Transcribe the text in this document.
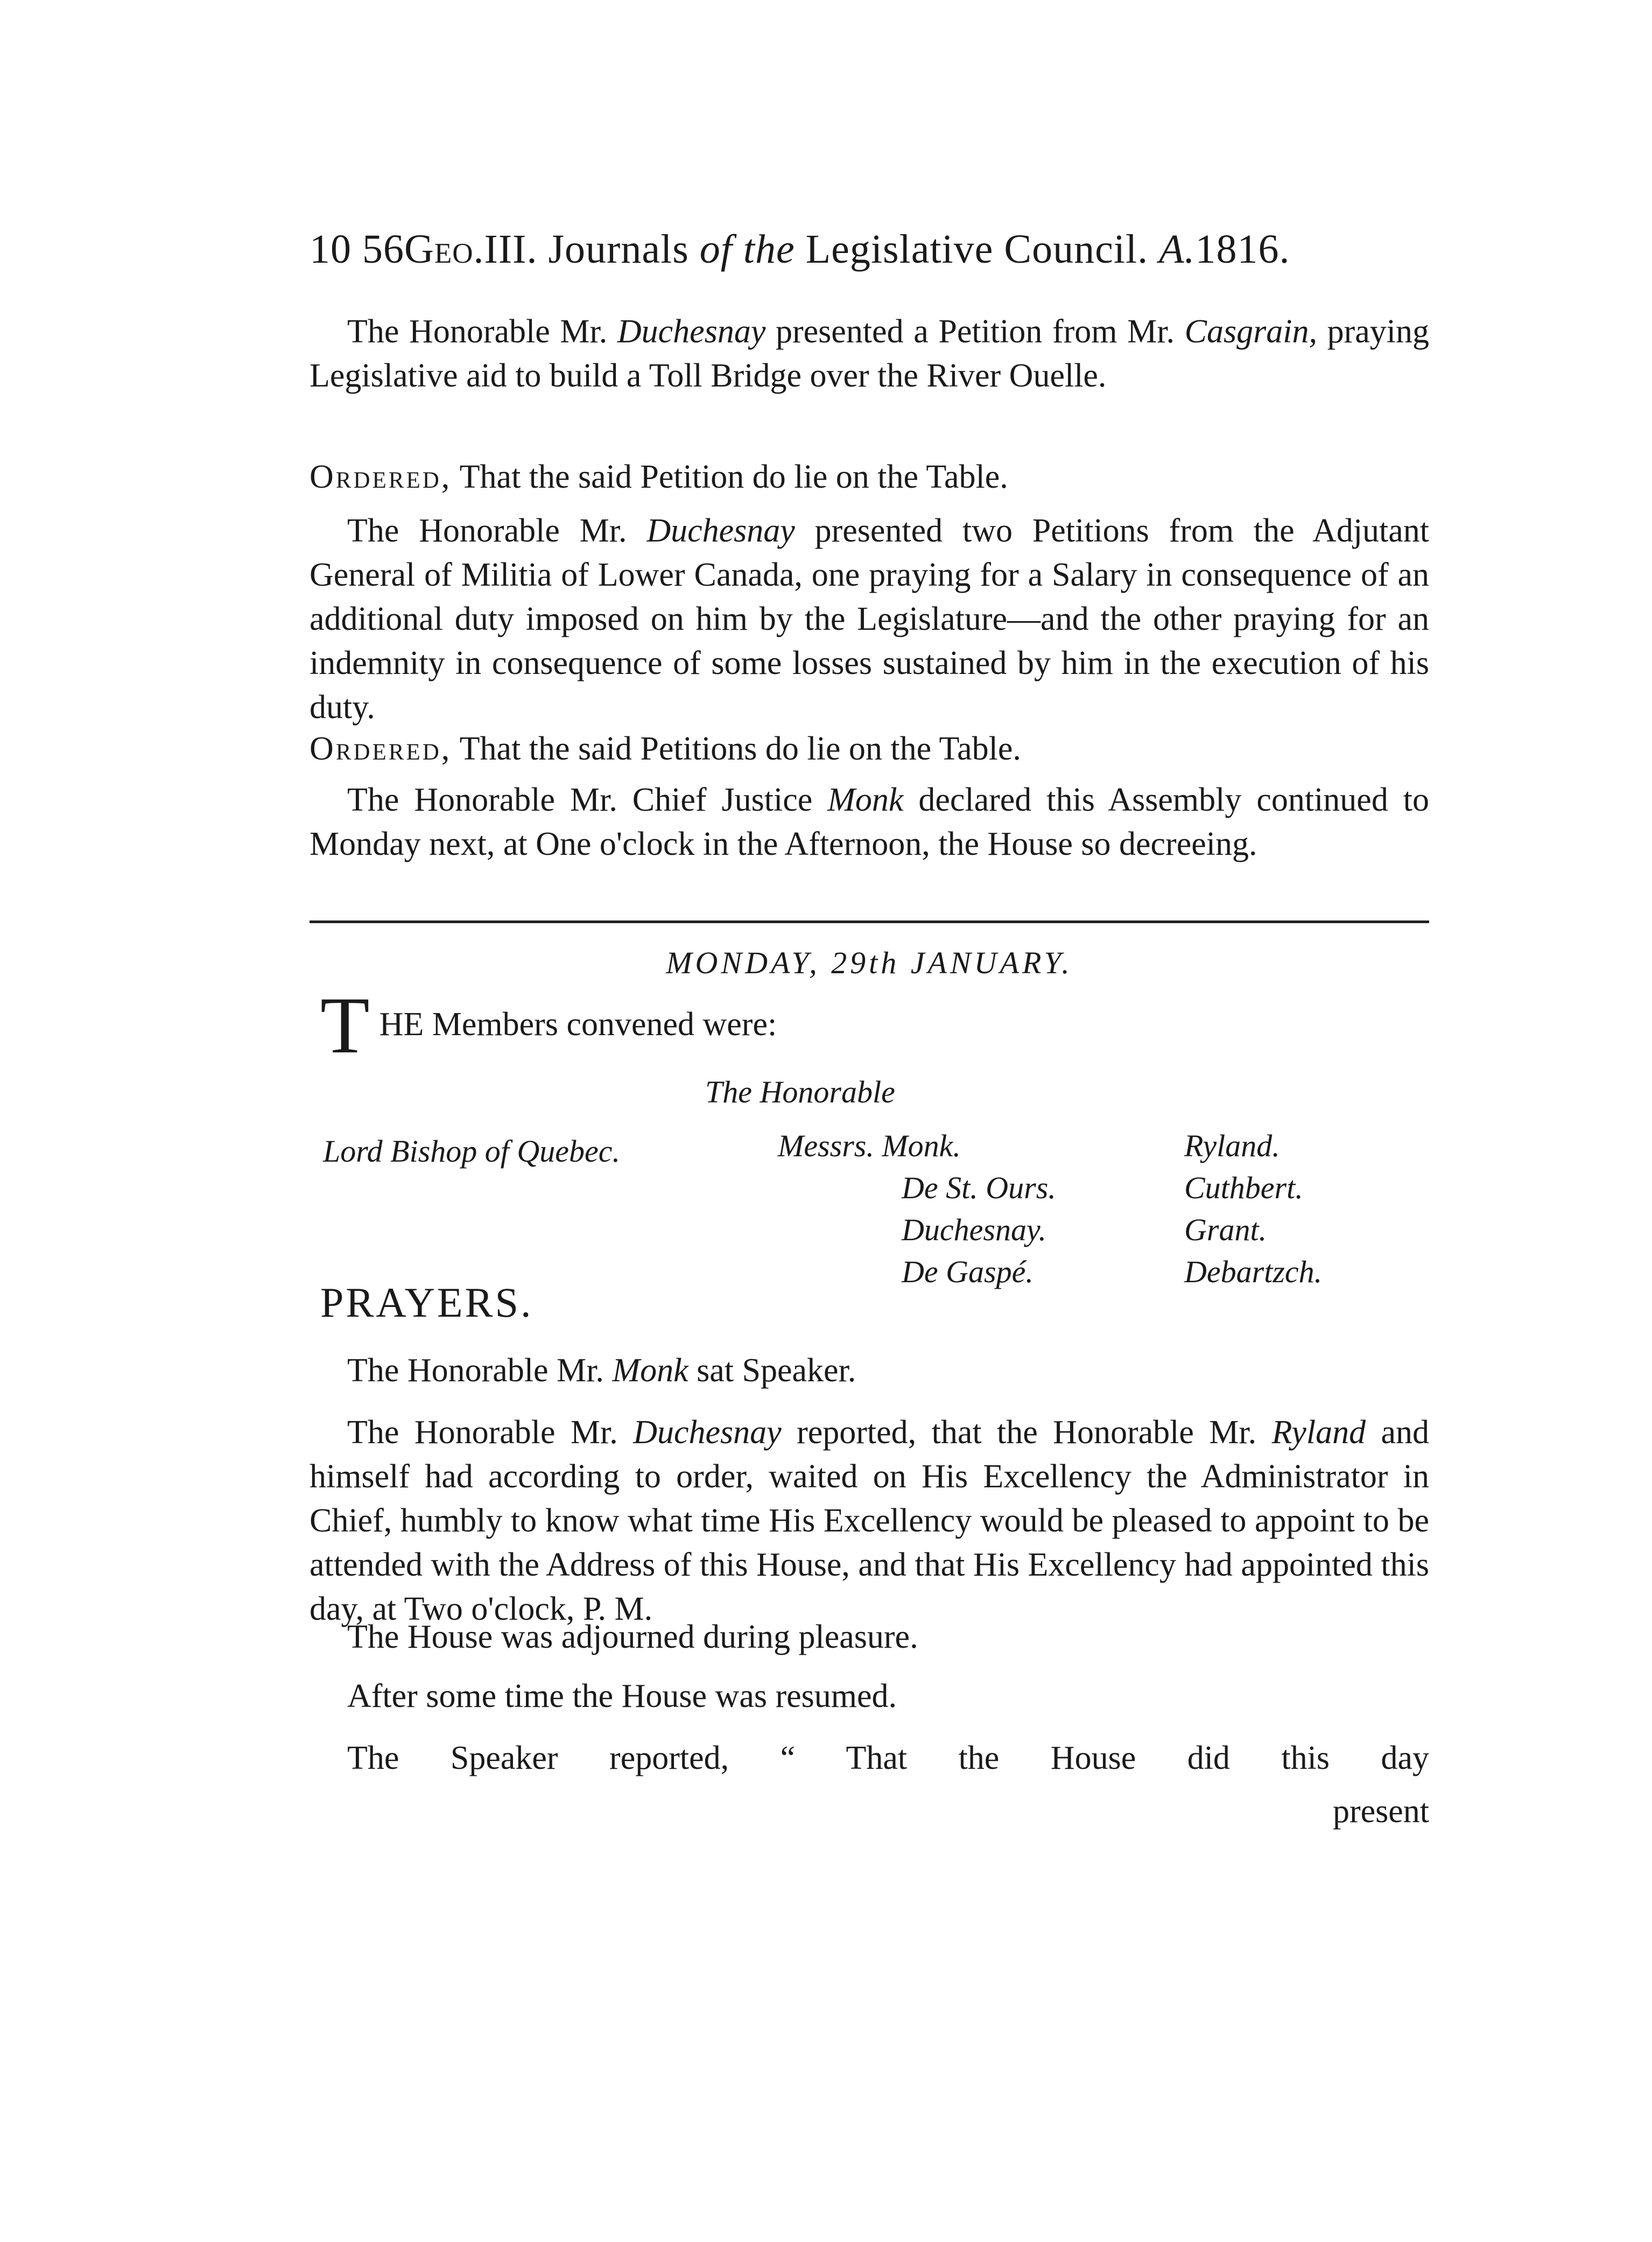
10 56Geo.III. Journals of the Legislative Council. A.1816.

The Honorable Mr. Duchesnay presented a Petition from Mr. Casgrain, praying Legislative aid to build a Toll Bridge over the River Ouelle.

Ordered, That the said Petition do lie on the Table.

The Honorable Mr. Duchesnay presented two Petitions from the Adjutant General of Militia of Lower Canada, one praying for a Salary in consequence of an additional duty imposed on him by the Legislature—and the other praying for an indemnity in consequence of some losses sustained by him in the execution of his duty.

Ordered, That the said Petitions do lie on the Table.

The Honorable Mr. Chief Justice Monk declared this Assembly continued to Monday next, at One o'clock in the Afternoon, the House so decreeing.

MONDAY, 29th JANUARY.
THE Members convened were:
The Honorable
Lord Bishop of Quebec.	Messrs. Monk.
De St. Ours.
Duchesnay.
De Gaspé.
Ryland.
Cuthbert.
Grant.
Debartzch.
PRAYERS.

The Honorable Mr. Monk sat Speaker.

The Honorable Mr. Duchesnay reported, that the Honorable Mr. Ryland and himself had according to order, waited on His Excellency the Administrator in Chief, humbly to know what time His Excellency would be pleased to appoint to be attended with the Address of this House, and that His Excellency had appointed this day, at Two o'clock, P. M.

The House was adjourned during pleasure.

After some time the House was resumed.

The Speaker reported, “ That the House did this day

present
